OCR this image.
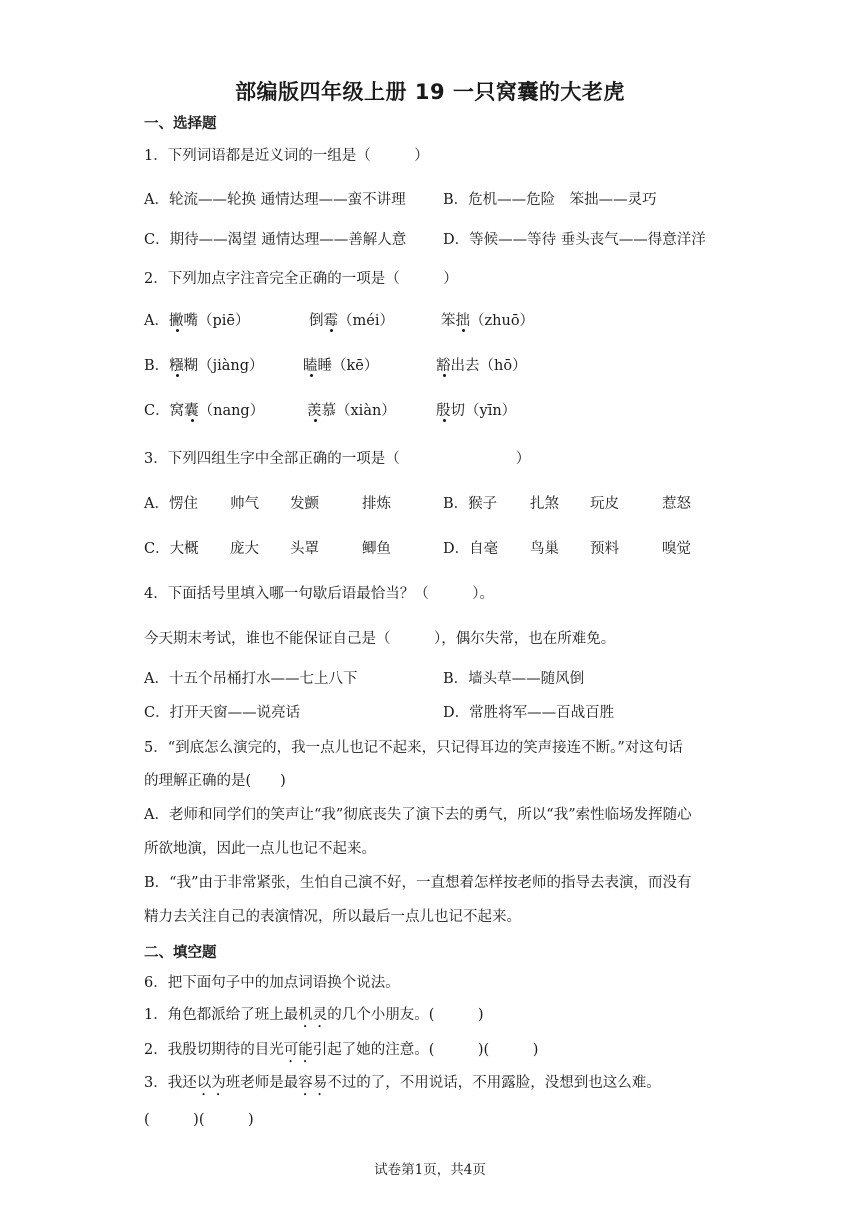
部编版四年级上册 19 一只窝囊的大老虎
一、选择题
1．下列词语都是近义词的一组是（　　　）
A．轮流——轮换 通情达理——蛮不讲理	B．危机——危险　笨拙——灵巧
C．期待——渴望 通情达理——善解人意	D．等候——等待 垂头丧气——得意洋洋
2．下列加点字注音完全正确的一项是（　　　）
A．撇嘴（piē）	倒霉（méi）	笨拙（zhuō）
B．糨糊（jiàng）	瞌睡（kē）	豁出去（hō）
C．窝囊（nang）	羡慕（xiàn）	殷切（yīn）
3．下列四组生字中全部正确的一项是（　　　　　　　　）
A．愣住 帅气 发颤	排炼	B．猴子 扎煞 玩皮	惹怒
C．大概 庞大 头罩	鲫鱼	D．自毫 鸟巢 预料	嗅觉
4．下面括号里填入哪一句歇后语最恰当？（　　　）。
今天期末考试，谁也不能保证自己是（　　　），偶尔失常，也在所难免。
A．十五个吊桶打水——七上八下	B．墙头草——随风倒
C．打开天窗——说亮话	D．常胜将军——百战百胜
5．“到底怎么演完的，我一点儿也记不起来，只记得耳边的笑声接连不断。”对这句话
的理解正确的是(　　)
A．老师和同学们的笑声让“我”彻底丧失了演下去的勇气，所以“我”索性临场发挥随心
所欲地演，因此一点儿也记不起来。
B．“我”由于非常紧张，生怕自己演不好，一直想着怎样按老师的指导去表演，而没有
精力去关注自己的表演情况，所以最后一点儿也记不起来。
二、填空题
6．把下面句子中的加点词语换个说法。
1．角色都派给了班上最机灵的几个小朋友。(　　　)
2．我殷切期待的目光可能引起了她的注意。(　　　)(　　　)
3．我还以为班老师是最容易不过的了，不用说话，不用露脸，没想到也这么难。
(　　　)(　　　)
试卷第1页，共4页
